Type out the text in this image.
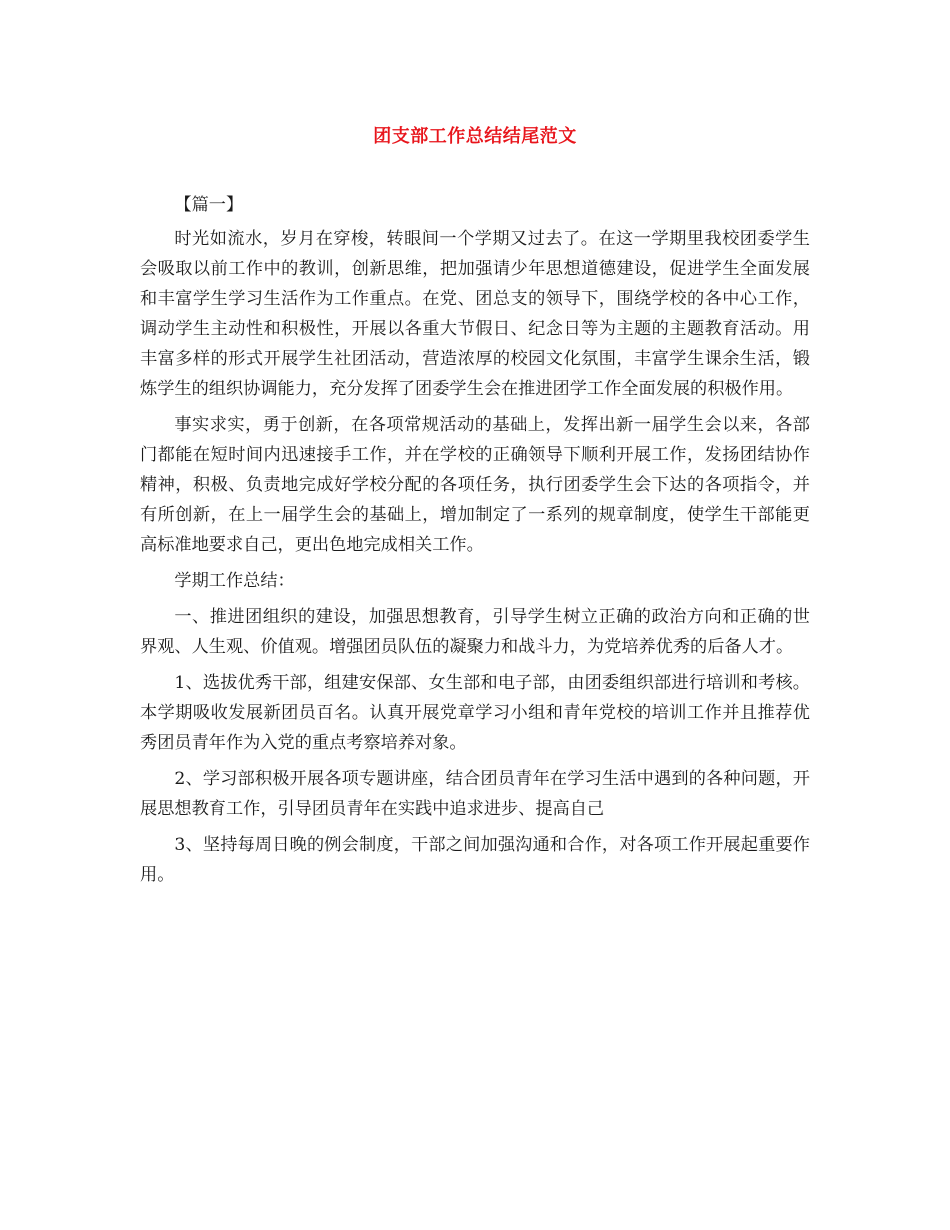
团支部工作总结结尾范文

【篇一】

时光如流水，岁月在穿梭，转眼间一个学期又过去了。在这一学期里我校团委学生会吸取以前工作中的教训，创新思维，把加强请少年思想道德建设，促进学生全面发展和丰富学生学习生活作为工作重点。在党、团总支的领导下，围绕学校的各中心工作，调动学生主动性和积极性，开展以各重大节假日、纪念日等为主题的主题教育活动。用丰富多样的形式开展学生社团活动，营造浓厚的校园文化氛围，丰富学生课余生活，锻炼学生的组织协调能力，充分发挥了团委学生会在推进团学工作全面发展的积极作用。

事实求实，勇于创新，在各项常规活动的基础上，发挥出新一届学生会以来，各部门都能在短时间内迅速接手工作，并在学校的正确领导下顺利开展工作，发扬团结协作精神，积极、负责地完成好学校分配的各项任务，执行团委学生会下达的各项指令，并有所创新，在上一届学生会的基础上，增加制定了一系列的规章制度，使学生干部能更高标准地要求自己，更出色地完成相关工作。

学期工作总结：

一、推进团组织的建设，加强思想教育，引导学生树立正确的政治方向和正确的世界观、人生观、价值观。增强团员队伍的凝聚力和战斗力，为党培养优秀的后备人才。

1、选拔优秀干部，组建安保部、女生部和电子部，由团委组织部进行培训和考核。本学期吸收发展新团员百名。认真开展党章学习小组和青年党校的培训工作并且推荐优秀团员青年作为入党的重点考察培养对象。

2、学习部积极开展各项专题讲座，结合团员青年在学习生活中遇到的各种问题，开展思想教育工作，引导团员青年在实践中追求进步、提高自己

3、坚持每周日晚的例会制度，干部之间加强沟通和合作，对各项工作开展起重要作用。
